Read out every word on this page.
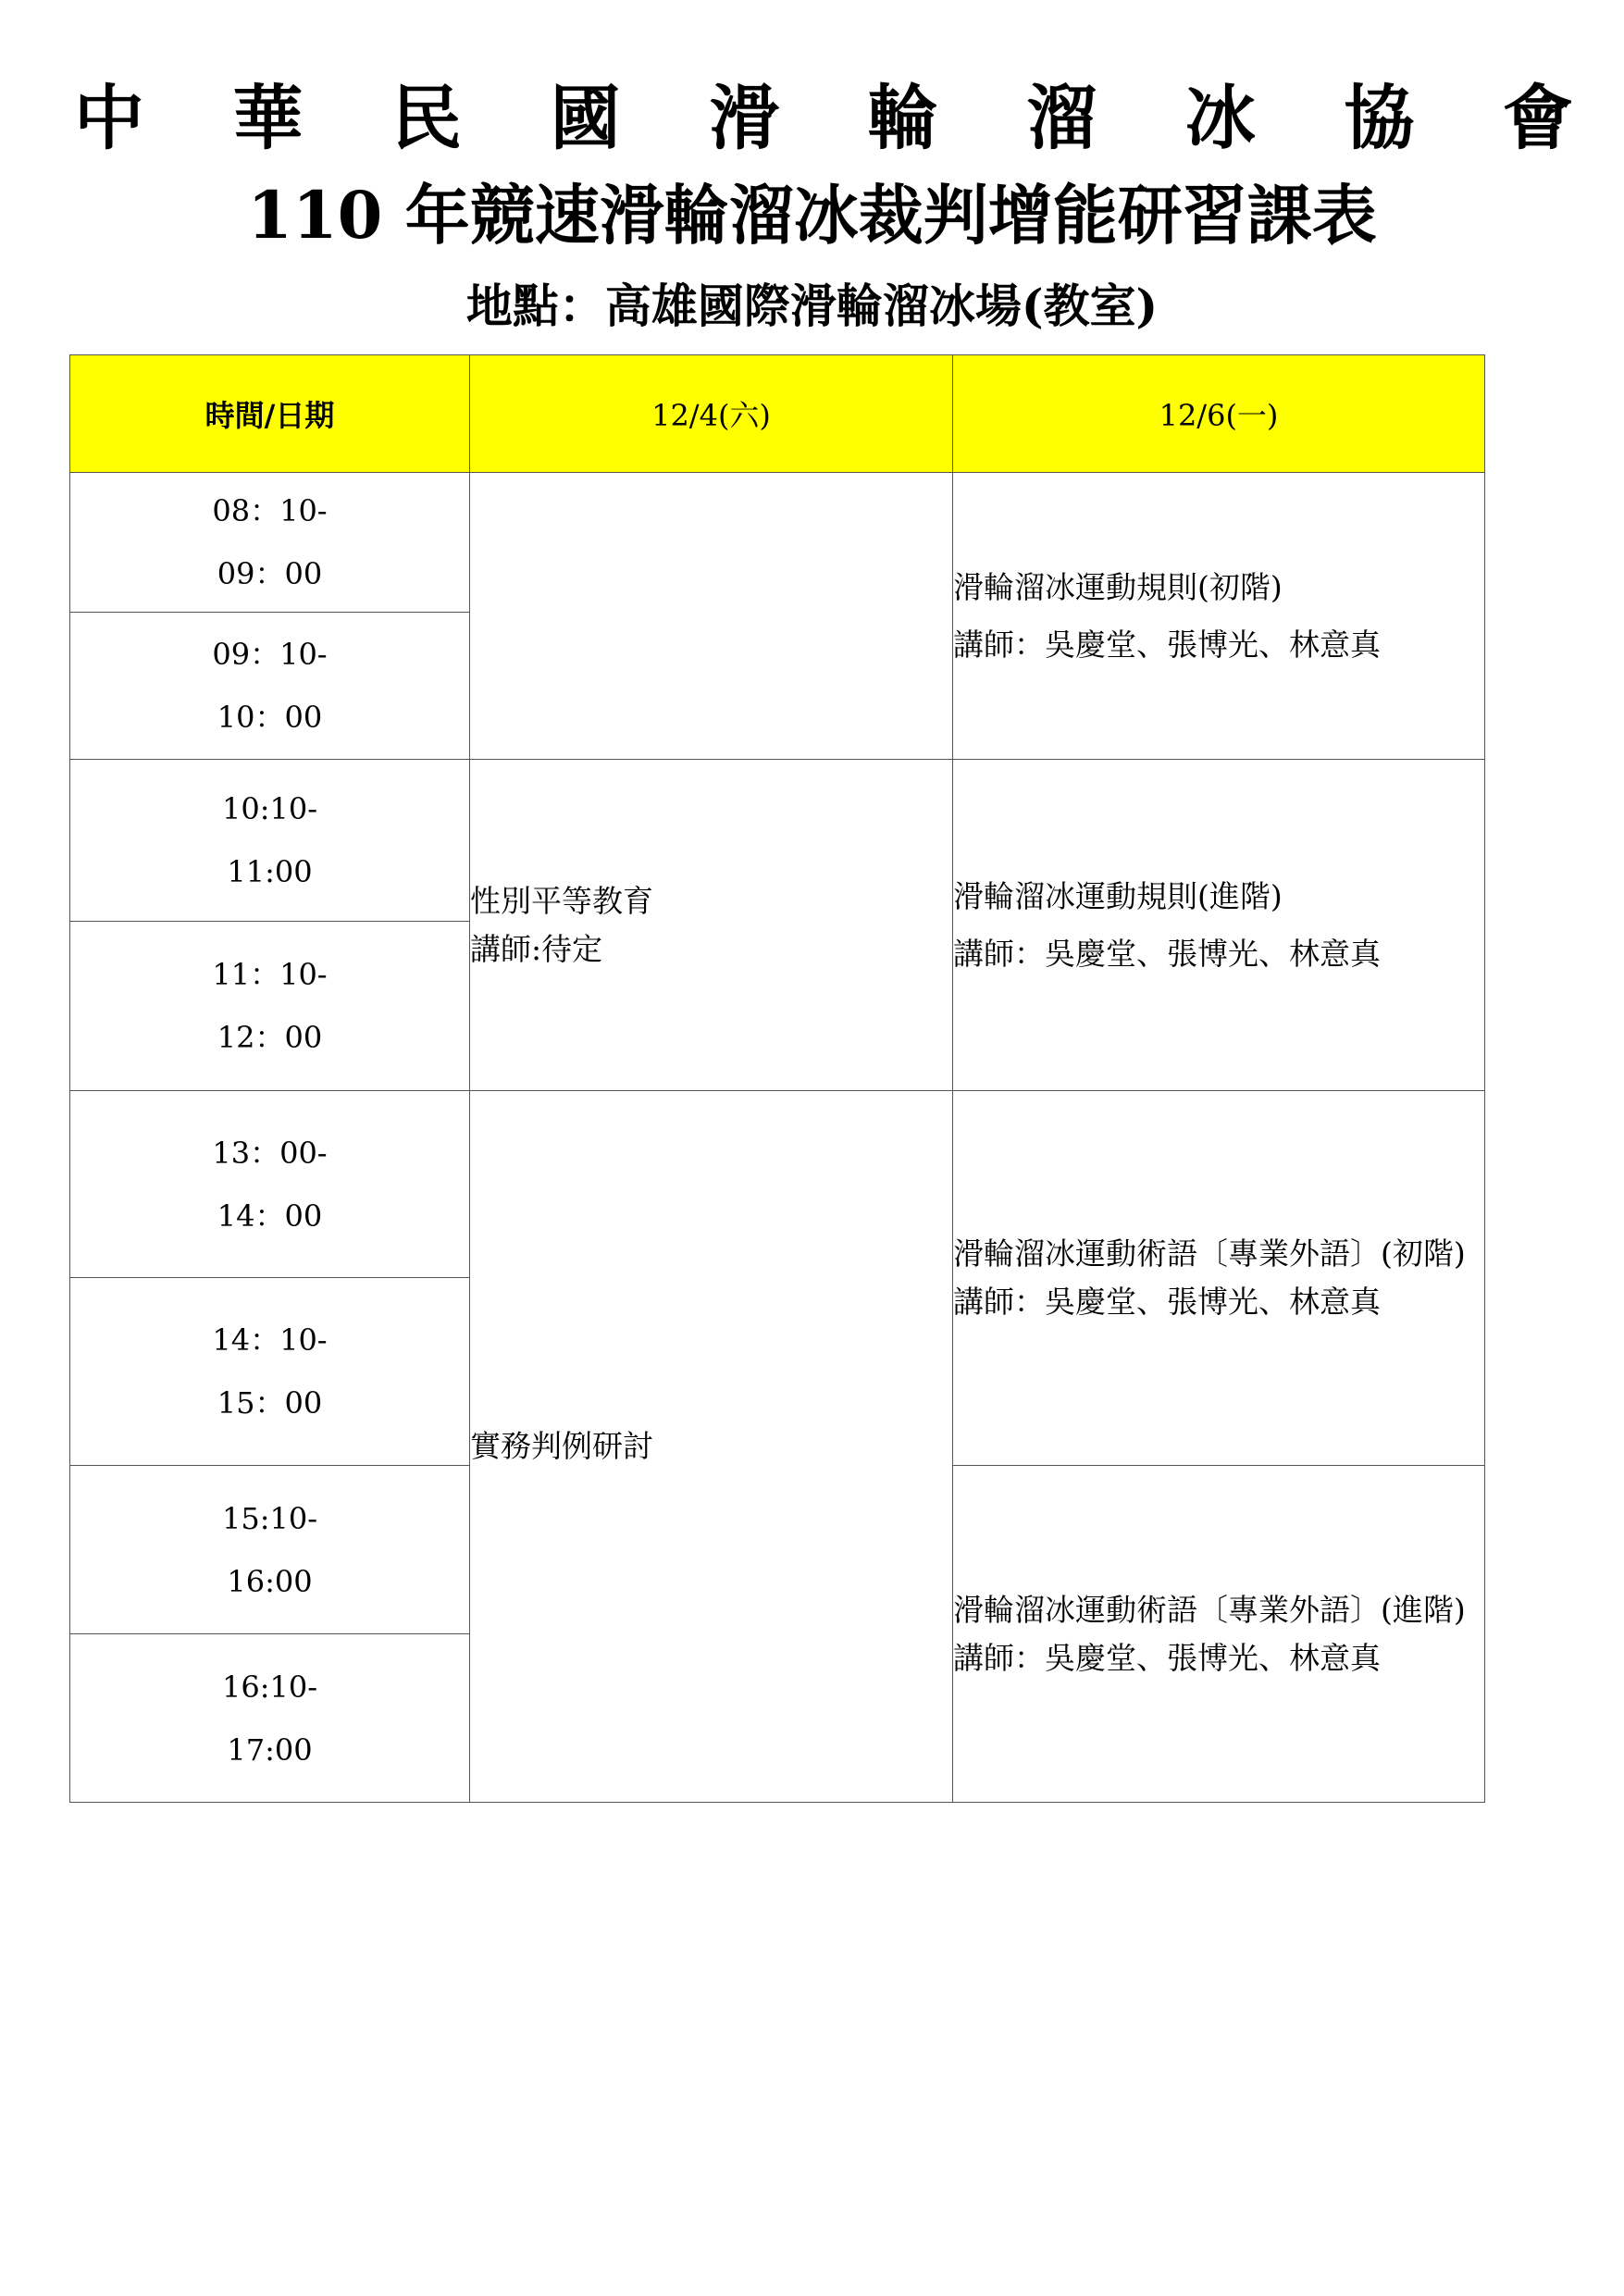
中 華 民 國 滑 輪 溜 冰 協 會
110 年競速滑輪溜冰裁判增能研習課表
地點：高雄國際滑輪溜冰場(教室)
時間/日期	12/4(六)	12/6(一)

08：10-
09：00		滑輪溜冰運動規則(初階)
講師：吳慶堂、張博光、林意真

09：10-
10：00		

10:10-
11:00	性別平等教育
講師:待定	滑輪溜冰運動規則(進階)
講師：吳慶堂、張博光、林意真

11：10-
12：00		

13：00-
14：00	實務判例研討	滑輪溜冰運動術語〔專業外語〕(初階)
講師：吳慶堂、張博光、林意真

14：10-
15：00		

15:10-
16:00		滑輪溜冰運動術語〔專業外語〕(進階)
講師：吳慶堂、張博光、林意真

16:10-
17:00		
